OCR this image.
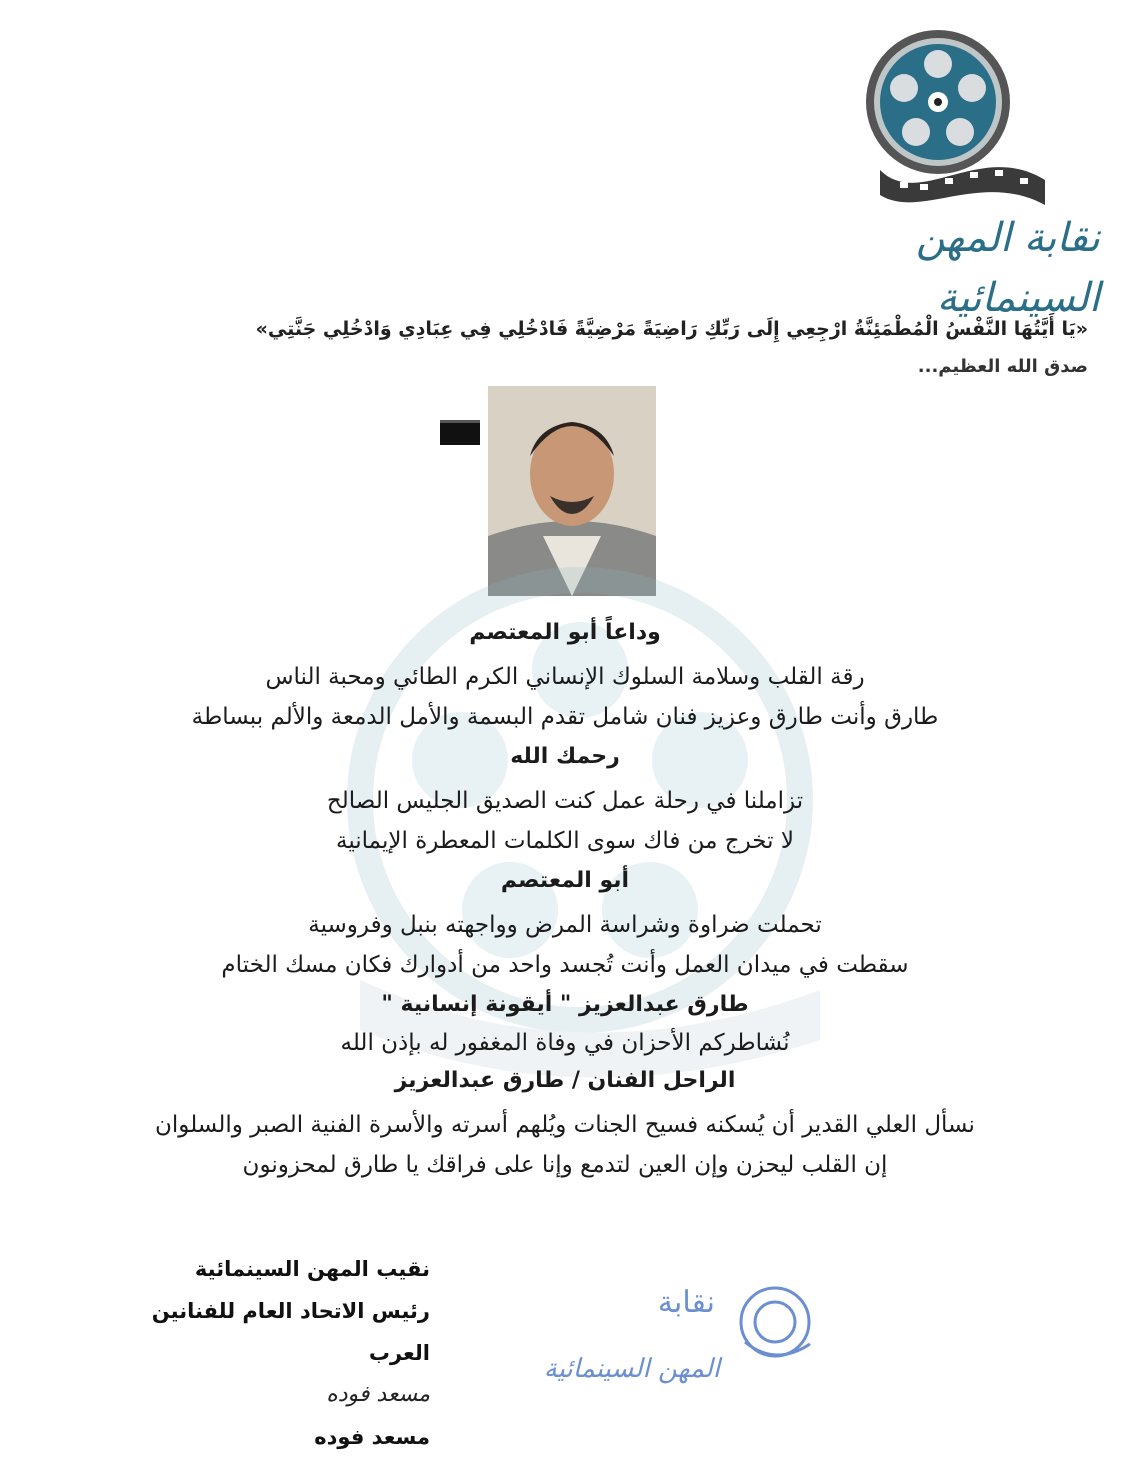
نقابة المهن السينمائية
«يَا أَيَّتُهَا النَّفْسُ الْمُطْمَئِنَّةُ ارْجِعِي إِلَى رَبِّكِ رَاضِيَةً مَرْضِيَّةً فَادْخُلِي فِي عِبَادِي وَادْخُلِي جَنَّتِي»
صدق الله العظيم...
وداعاً أبو المعتصم
رقة القلب وسلامة السلوك الإنساني الكرم الطائي ومحبة الناس
طارق وأنت طارق وعزيز فنان شامل تقدم البسمة والأمل الدمعة والألم ببساطة
رحمك الله
تزاملنا في رحلة عمل كنت الصديق الجليس الصالح
لا تخرج من فاك سوى الكلمات المعطرة الإيمانية
أبو المعتصم
تحملت ضراوة وشراسة المرض وواجهته بنبل وفروسية
سقطت في ميدان العمل وأنت تُجسد واحد من أدوارك فكان مسك الختام
طارق عبدالعزيز " أيقونة إنسانية "
نُشاطركم الأحزان في وفاة المغفور له بإذن الله
الراحل الفنان / طارق عبدالعزيز
نسأل العلي القدير أن يُسكنه فسيح الجنات ويُلهم أسرته والأسرة الفنية الصبر والسلوان
إن القلب ليحزن وإن العين لتدمع وإنا على فراقك يا طارق لمحزونون
نقيب المهن السينمائية
رئيس الاتحاد العام للفنانين العرب
مسعد فوده
مسعد فوده
نقابة
المهن السينمائية
